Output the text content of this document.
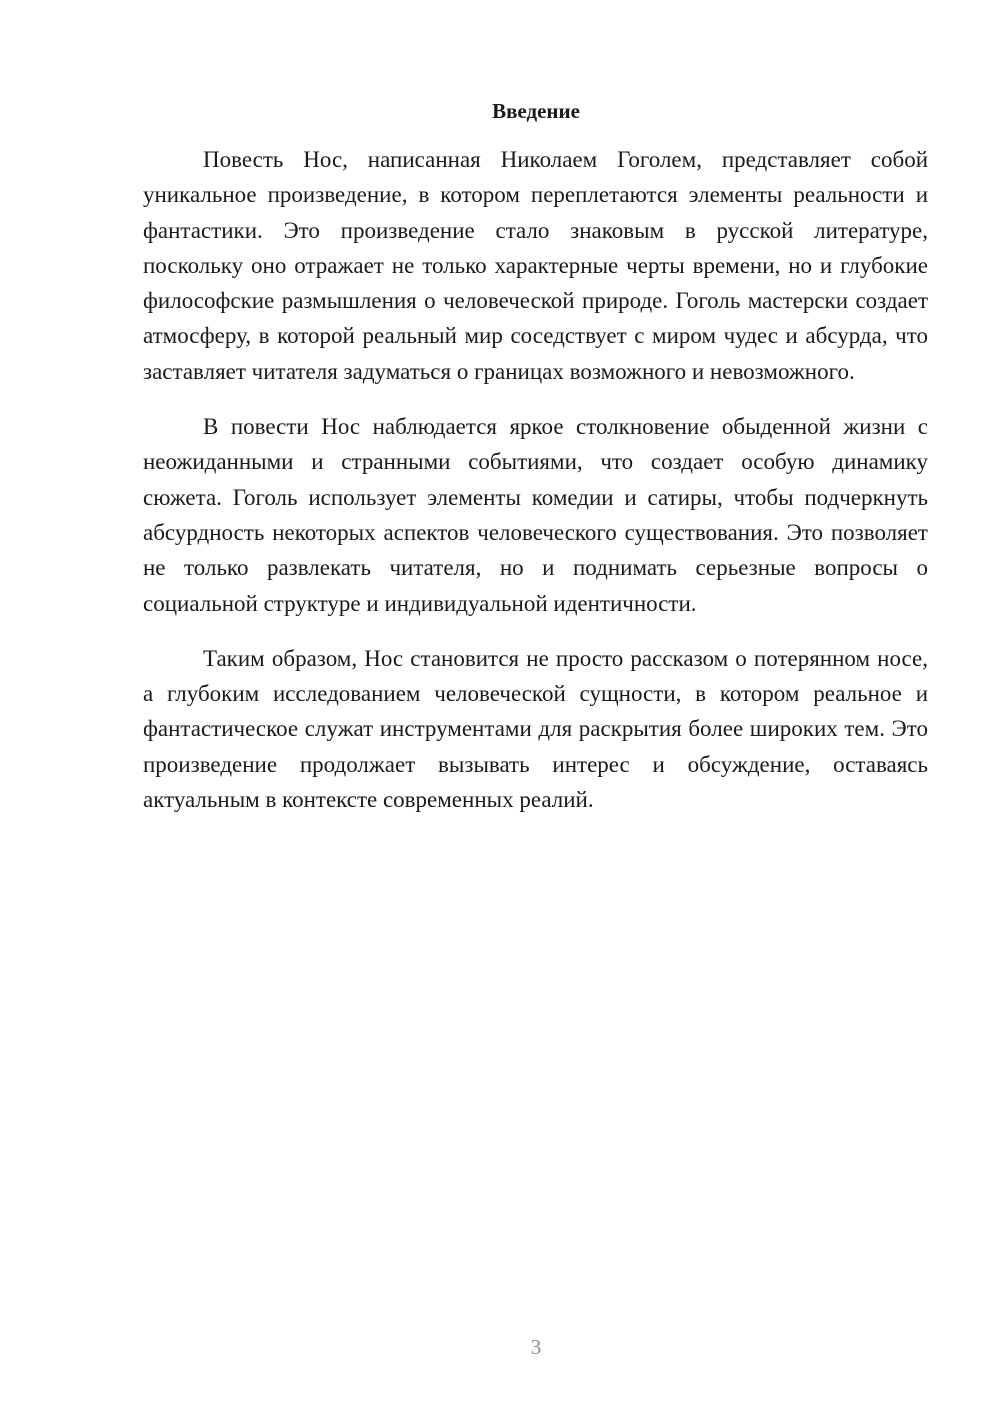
Введение

Повесть Нос, написанная Николаем Гоголем, представляет собой уникальное произведение, в котором переплетаются элементы реальности и фантастики. Это произведение стало знаковым в русской литературе, поскольку оно отражает не только характерные черты времени, но и глубокие философские размышления о человеческой природе. Гоголь мастерски создает атмосферу, в которой реальный мир соседствует с миром чудес и абсурда, что заставляет читателя задуматься о границах возможного и невозможного.

В повести Нос наблюдается яркое столкновение обыденной жизни с неожиданными и странными событиями, что создает особую динамику сюжета. Гоголь использует элементы комедии и сатиры, чтобы подчеркнуть абсурдность некоторых аспектов человеческого существования. Это позволяет не только развлекать читателя, но и поднимать серьезные вопросы о социальной структуре и индивидуальной идентичности.

Таким образом, Нос становится не просто рассказом о потерянном носе, а глубоким исследованием человеческой сущности, в котором реальное и фантастическое служат инструментами для раскрытия более широких тем. Это произведение продолжает вызывать интерес и обсуждение, оставаясь актуальным в контексте современных реалий.

3
